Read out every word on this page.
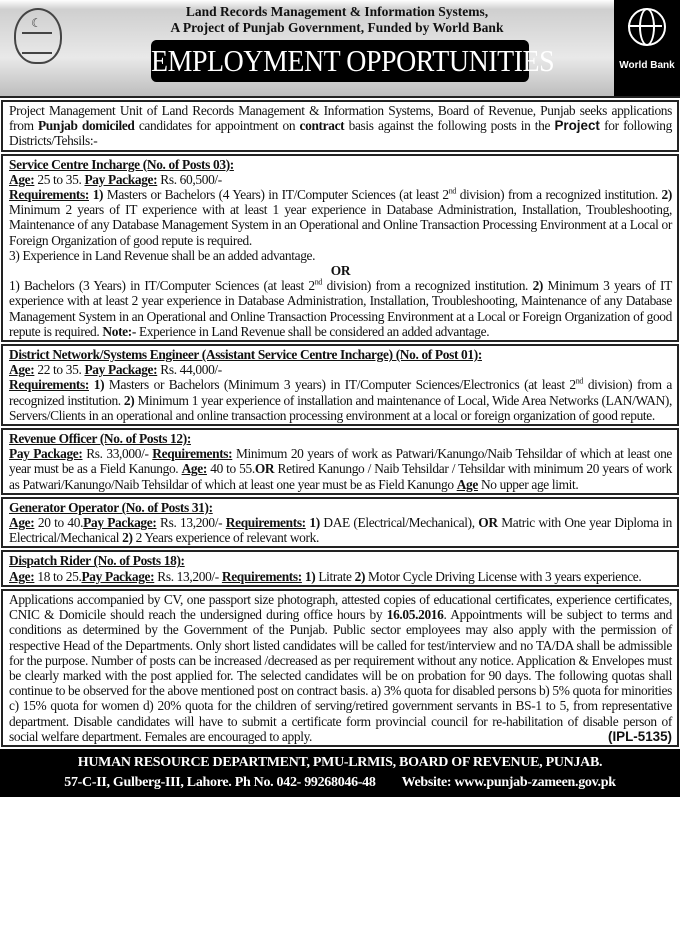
☾
Land Records Management & Information Systems,
A Project of Punjab Government, Funded by World Bank
EMPLOYMENT OPPORTUNITIES	World Bank

Project Management Unit of Land Records Management & Information Systems, Board of Revenue, Punjab seeks applications from Punjab domiciled candidates for appointment on contract basis against the following posts in the Project for following Districts/Tehsils:-

Service Centre Incharge (No. of Posts 03):

Age: 25 to 35. Pay Package: Rs. 60,500/-

Requirements: 1) Masters or Bachelors (4 Years) in IT/Computer Sciences (at least 2nd division) from a recognized institution. 2) Minimum 2 years of IT experience with at least 1 year experience in Database Administration, Installation, Troubleshooting, Maintenance of any Database Management System in an Operational and Online Transaction Processing Environment at a Local or Foreign Organization of good repute is required.

3) Experience in Land Revenue shall be an added advantage.

OR

1) Bachelors (3 Years) in IT/Computer Sciences (at least 2nd division) from a recognized institution. 2) Minimum 3 years of IT experience with at least 2 year experience in Database Administration, Installation, Troubleshooting, Maintenance of any Database Management System in an Operational and Online Transaction Processing Environment at a Local or Foreign Organization of good repute is required. Note:- Experience in Land Revenue shall be considered an added advantage.

District Network/Systems Engineer (Assistant Service Centre Incharge) (No. of Post 01):

Age: 22 to 35. Pay Package: Rs. 44,000/-

Requirements: 1) Masters or Bachelors (Minimum 3 years) in IT/Computer Sciences/Electronics (at least 2nd division) from a recognized institution. 2) Minimum 1 year experience of installation and maintenance of Local, Wide Area Networks (LAN/WAN), Servers/Clients in an operational and online transaction processing environment at a local or foreign organization of good repute.

Revenue Officer (No. of Posts 12):

Pay Package: Rs. 33,000/- Requirements: Minimum 20 years of work as Patwari/Kanungo/Naib Tehsildar of which at least one year must be as a Field Kanungo. Age: 40 to 55.OR Retired Kanungo / Naib Tehsildar / Tehsildar with minimum 20 years of work as Patwari/Kanungo/Naib Tehsildar of which at least one year must be as Field Kanungo Age No upper age limit.

Generator Operator (No. of Posts 31):

Age: 20 to 40.Pay Package: Rs. 13,200/- Requirements: 1) DAE (Electrical/Mechanical), OR Matric with One year Diploma in Electrical/Mechanical 2) 2 Years experience of relevant work.

Dispatch Rider (No. of Posts 18):

Age: 18 to 25.Pay Package: Rs. 13,200/- Requirements: 1) Litrate 2) Motor Cycle Driving License with 3 years experience.

Applications accompanied by CV, one passport size photograph, attested copies of educational certificates, experience certificates, CNIC & Domicile should reach the undersigned during office hours by 16.05.2016. Appointments will be subject to terms and conditions as determined by the Government of the Punjab. Public sector employees may also apply with the permission of respective Head of the Departments. Only short listed candidates will be called for test/interview and no TA/DA shall be admissible for the purpose. Number of posts can be increased /decreased as per requirement without any notice. Application & Envelopes must be clearly marked with the post applied for. The selected candidates will be on probation for 90 days. The following quotas shall continue to be observed for the above mentioned post on contract basis. a) 3% quota for disabled persons b) 5% quota for minorities c) 15% quota for women d) 20% quota for the children of serving/retired government servants in BS-1 to 5, from representative department. Disable candidates will have to submit a certificate form provincial council for re-habilitation of disable person of social welfare department. Females are encouraged to apply.	(IPL-5135)

HUMAN RESOURCE DEPARTMENT, PMU-LRMIS, BOARD OF REVENUE, PUNJAB.
57-C-II, Gulberg-III, Lahore. Ph No. 042- 99268046-48 Website: www.punjab-zameen.gov.pk
